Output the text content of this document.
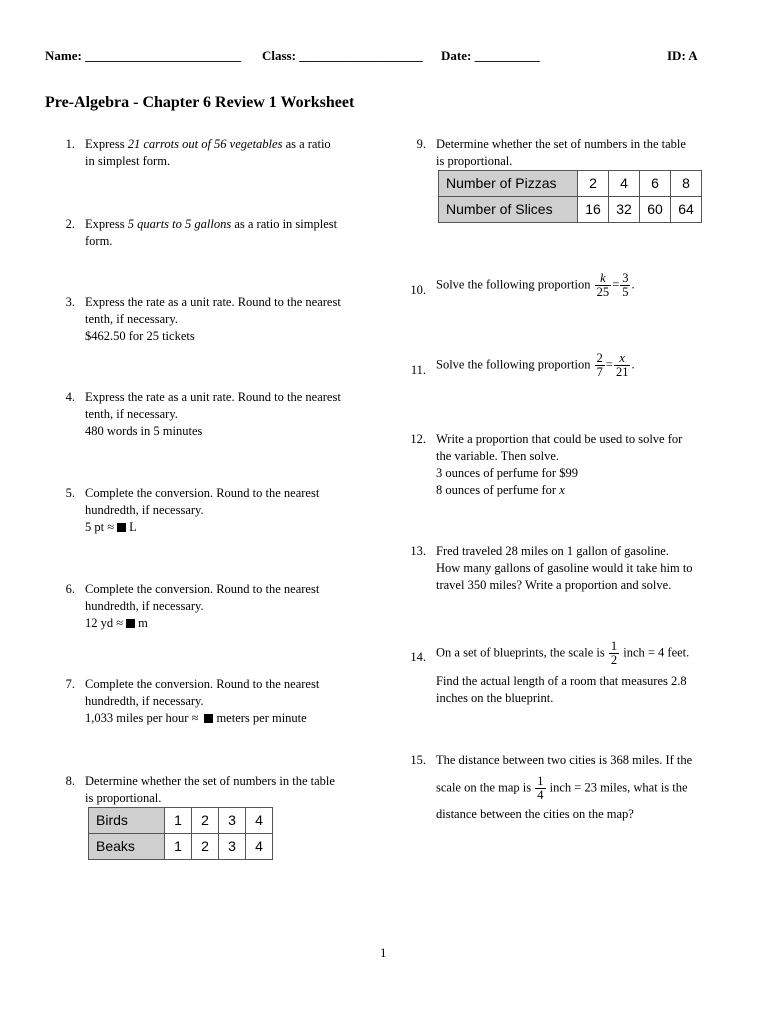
Name: ________________________ Class: ___________________ Date: __________	ID: A
Pre-Algebra - Chapter 6 Review 1 Worksheet
1. Express 21 carrots out of 56 vegetables as a ratio
in simplest form.
2. Express 5 quarts to 5 gallons as a ratio in simplest
form.
3. Express the rate as a unit rate. Round to the nearest
tenth, if necessary.
$462.50 for 25 tickets
4. Express the rate as a unit rate. Round to the nearest
tenth, if necessary.
480 words in 5 minutes
5. Complete the conversion. Round to the nearest
hundredth, if necessary.
5 pt ≈ L
6. Complete the conversion. Round to the nearest
hundredth, if necessary.
12 yd ≈ m
7. Complete the conversion. Round to the nearest
hundredth, if necessary.
1,033 miles per hour ≈ meters per minute
8. Determine whether the set of numbers in the table
is proportional.
Birds	1	2	3	4
Beaks	1	2	3	4
9. Determine whether the set of numbers in the table
is proportional.
Number of Pizzas	2	4	6	8
Number of Slices	16	32	60	64
10. Solve the following proportion $\frac{k}{25} = \frac{3}{5}$ .
11. Solve the following proportion $\frac{2}{7} = \frac{x}{21}$ .
12. Write a proportion that could be used to solve for
the variable. Then solve.
3 ounces of perfume for $99
8 ounces of perfume for x
13. Fred traveled 28 miles on 1 gallon of gasoline.
How many gallons of gasoline would it take him to
travel 350 miles? Write a proportion and solve.
14. On a set of blueprints, the scale is $\frac{1}{2}$ inch = 4 feet.
Find the actual length of a room that measures 2.8
inches on the blueprint.
15. The distance between two cities is 368 miles. If the
scale on the map is $\frac{1}{4}$ inch = 23 miles, what is the
distance between the cities on the map?
1
